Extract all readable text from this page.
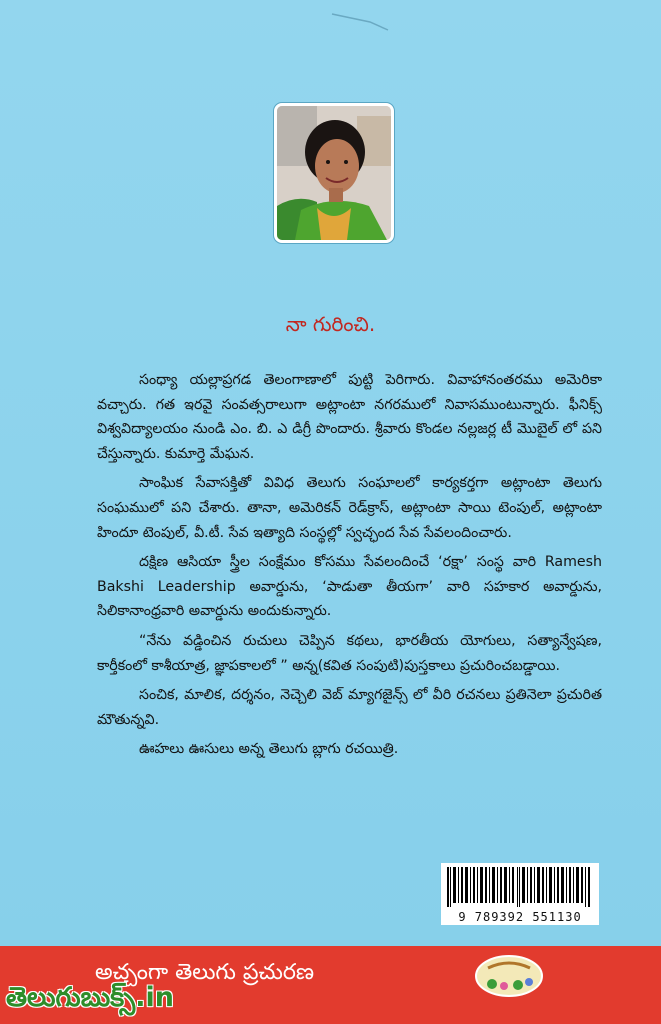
నా గురించి.

సంధ్యా యల్లాప్రగడ తెలంగాణాలో పుట్టి పెరిగారు. వివాహానంతరము అమెరికా వచ్చారు. గత ఇరవై సంవత్సరాలుగా అట్లాంటా నగరములో నివాసముంటున్నారు. ఫీనిక్స్ విశ్వవిద్యాలయం నుండి ఎం. బి. ఎ డిగ్రీ పొందారు. శ్రీవారు కొండల నల్లజర్ల టీ మొబైల్ లో పని చేస్తున్నారు. కుమార్తె మేఘన.

సాంఘిక సేవాసక్తితో వివిధ తెలుగు సంఘాలలో కార్యకర్తగా అట్లాంటా తెలుగు సంఘములో పని చేశారు. తానా, అమెరికన్ రెడ్‌క్రాస్, అట్లాంటా సాయి టెంపుల్, అట్లాంటా హిందూ టెంపుల్, వీ.టీ. సేవ ఇత్యాది సంస్థల్లో స్వచ్ఛంద సేవ సేవలందించారు.

దక్షిణ ఆసియా స్త్రీల సంక్షేమం కోసము సేవలందించే ‘రక్షా’ సంస్థ వారి Ramesh Bakshi Leadership అవార్డును, ‘పాడుతా తీయగా’ వారి సహకార అవార్డును, సిలికానాంధ్రవారి అవార్డును అందుకున్నారు.

“నేను వడ్డించిన రుచులు చెప్పిన కథలు, భారతీయ యోగులు, సత్యాన్వేషణ, కార్తీకంలో కాశీయాత్ర, జ్ఞాపకాలలో ” అన్న(కవిత సంపుటి)పుస్తకాలు ప్రచురించబడ్డాయి.

సంచిక, మాలిక, దర్శనం, నెచ్చెలి వెబ్ మ్యాగజైన్స్ లో వీరి రచనలు ప్రతినెలా ప్రచురిత మౌతున్నవి.

ఊహలు ఊసులు అన్న తెలుగు బ్లాగు రచయిత్రి.

9 789392 551130
అచ్చంగా తెలుగు ప్రచురణ
తెలుగుబుక్స్.in
